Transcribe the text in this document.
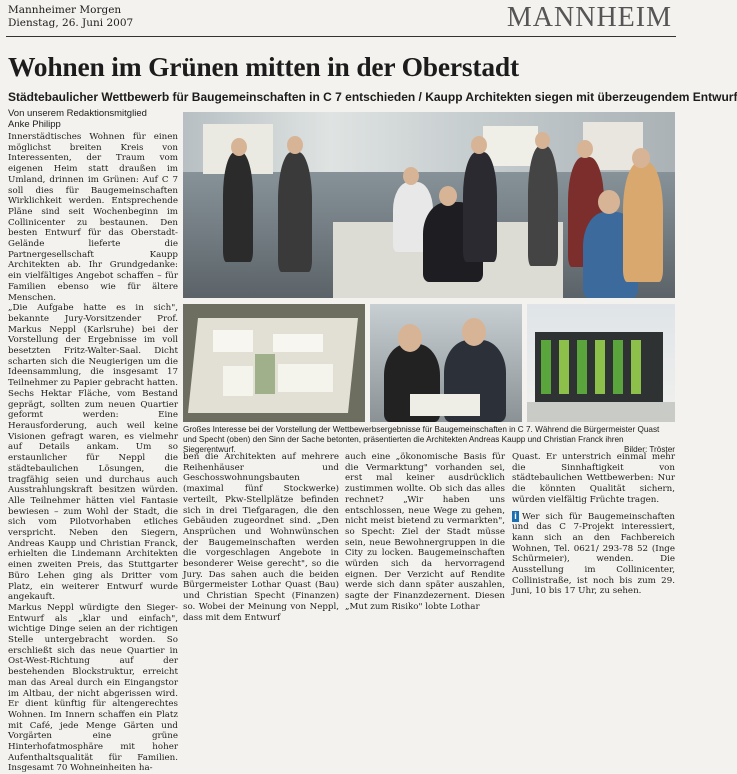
Mannheimer Morgen
Dienstag, 26. Juni 2007	MANNHEIM
Wohnen im Grünen mitten in der Oberstadt
Städtebaulicher Wettbewerb für Baugemeinschaften in C 7 entschieden / Kaupp Architekten siegen mit überzeugendem Entwurf
Von unserem Redaktionsmitglied
Anke Philipp
Innerstädtisches Wohnen für einen möglichst breiten Kreis von Interessenten, der Traum vom eigenen Heim statt draußen im Umland, drinnen im Grünen: Auf C 7 soll dies für Baugemeinschaften Wirklichkeit werden. Entsprechende Pläne sind seit Wochenbeginn im Collinicenter zu bestaunen. Den besten Entwurf für das Oberstadt-Gelände lieferte die Partnergesellschaft Kaupp Architekten ab. Ihr Grundgedanke: ein vielfältiges Angebot schaffen – für Familien ebenso wie für ältere Menschen.
„Die Aufgabe hatte es in sich", bekannte Jury-Vorsitzender Prof. Markus Neppl (Karlsruhe) bei der Vorstellung der Ergebnisse im voll besetzten Fritz-Walter-Saal. Dicht scharten sich die Neugierigen um die Ideensammlung, die insgesamt 17 Teilnehmer zu Papier gebracht hatten. Sechs Hektar Fläche, vom Bestand geprägt, sollten zum neuen Quartier geformt werden: Eine Herausforderung, auch weil keine Visionen gefragt waren, es vielmehr auf Details ankam. Um so erstaunlicher für Neppl die städtebaulichen Lösungen, die tragfähig seien und durchaus auch Ausstrahlungskraft besitzen würden. Alle Teilnehmer hätten viel Fantasie bewiesen – zum Wohl der Stadt, die sich vom Pilotvorhaben etliches verspricht. Neben den Siegern, Andreas Kaupp und Christian Franck, erhielten die Lindemann Architekten einen zweiten Preis, das Stuttgarter Büro Lehen ging als Dritter vom Platz, ein weiterer Entwurf wurde angekauft.
Markus Neppl würdigte den Sieger-Entwurf als „klar und einfach", wichtige Dinge seien an der richtigen Stelle untergebracht worden. So erschließt sich das neue Quartier in Ost-West-Richtung auf der bestehenden Blockstruktur, erreicht man das Areal durch ein Eingangstor im Altbau, der nicht abgerissen wird. Er dient künftig für altengerechtes Wohnen. Im Innern schaffen ein Platz mit Café, jede Menge Gärten und Vorgärten eine grüne Hinterhofatmosphäre mit hoher Aufenthaltsqualität für Familien. Insgesamt 70 Wohneinheiten ha-
Großes Interesse bei der Vorstellung der Wettbewerbsergebnisse für Baugemeinschaften in C 7. Während die Bürgermeister Quast und Specht (oben) den Sinn der Sache betonten, präsentierten die Architekten Andreas Kaupp und Christian Franck ihren Siegerentwurf.	Bilder: Tröster
ben die Architekten auf mehrere Reihenhäuser und Geschosswohnungsbauten (maximal fünf Stockwerke) verteilt, Pkw-Stellplätze befinden sich in drei Tiefgaragen, die den Gebäuden zugeordnet sind. „Den Ansprüchen und Wohnwünschen der Baugemeinschaften werden die vorgeschlagen Angebote in besonderer Weise gerecht", so die Jury. Das sahen auch die beiden Bürgermeister Lothar Quast (Bau) und Christian Specht (Finanzen) so. Wobei der Meinung von Neppl, dass mit dem Entwurf
auch eine „ökonomische Basis für die Vermarktung" vorhanden sei, erst mal keiner ausdrücklich zustimmen wollte. Ob sich das alles rechnet? „Wir haben uns entschlossen, neue Wege zu gehen, nicht meist bietend zu vermarkten", so Specht: Ziel der Stadt müsse sein, neue Bewohnergruppen in die City zu locken. Baugemeinschaften würden sich da hervorragend eignen. Der Verzicht auf Rendite werde sich dann später auszahlen, sagte der Finanzdezernent. Diesen „Mut zum Risiko" lobte Lothar
Quast. Er unterstrich einmal mehr die Sinnhaftigkeit von städtebaulichen Wettbewerben: Nur die könnten Qualität sichern, würden vielfältig Früchte tragen.
i Wer sich für Baugemeinschaften und das C 7-Projekt interessiert, kann sich an den Fachbereich Wohnen, Tel. 0621/ 293-78 52 (Inge Schürmeier), wenden. Die Ausstellung im Collinicenter, Collinistraße, ist noch bis zum 29. Juni, 10 bis 17 Uhr, zu sehen.
